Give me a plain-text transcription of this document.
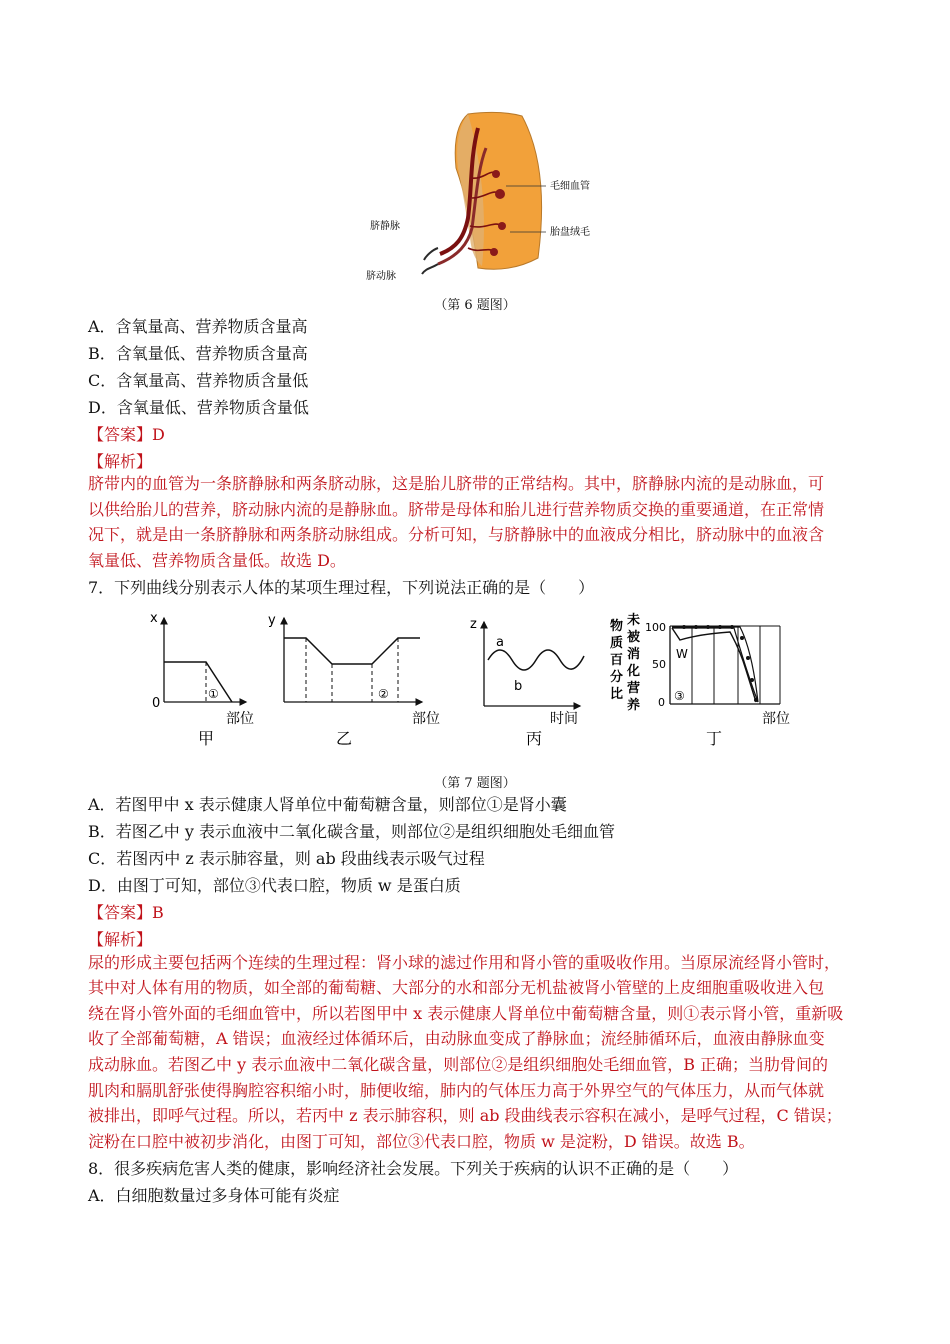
毛细血管
胎盘绒毛
脐静脉
脐动脉
（第 6 题图）
A．含氧量高、营养物质含量高
B．含氧量低、营养物质含量高
C．含氧量高、营养物质含量低
D．含氧量低、营养物质含量低
【答案】D
【解析】
脐带内的血管为一条脐静脉和两条脐动脉，这是胎儿脐带的正常结构。其中，脐静脉内流的是动脉血，可
以供给胎儿的营养，脐动脉内流的是静脉血。脐带是母体和胎儿进行营养物质交换的重要通道，在正常情
况下，就是由一条脐静脉和两条脐动脉组成。分析可知，与脐静脉中的血液成分相比，脐动脉中的血液含
氧量低、营养物质含量低。故选 D。
7．下列曲线分别表示人体的某项生理过程，下列说法正确的是（　　）
x
0
①
部位
甲
y
②
部位
乙
z
a
b
时间
丙
100
50
0
W
③
部位
丁
物
质
百
分
比
未
被
消
化
营
养
（第 7 题图）
A．若图甲中 x 表示健康人肾单位中葡萄糖含量，则部位①是肾小囊
B．若图乙中 y 表示血液中二氧化碳含量，则部位②是组织细胞处毛细血管
C．若图丙中 z 表示肺容量，则 ab 段曲线表示吸气过程
D．由图丁可知，部位③代表口腔，物质 w 是蛋白质
【答案】B
【解析】
尿的形成主要包括两个连续的生理过程：肾小球的滤过作用和肾小管的重吸收作用。当原尿流经肾小管时，
其中对人体有用的物质，如全部的葡萄糖、大部分的水和部分无机盐被肾小管壁的上皮细胞重吸收进入包
绕在肾小管外面的毛细血管中，所以若图甲中 x 表示健康人肾单位中葡萄糖含量，则①表示肾小管，重新吸
收了全部葡萄糖，A 错误；血液经过体循环后，由动脉血变成了静脉血；流经肺循环后，血液由静脉血变
成动脉血。若图乙中 y 表示血液中二氧化碳含量，则部位②是组织细胞处毛细血管，B 正确；当肋骨间的
肌肉和膈肌舒张使得胸腔容积缩小时，肺便收缩，肺内的气体压力高于外界空气的气体压力，从而气体就
被排出，即呼气过程。所以，若丙中 z 表示肺容积，则 ab 段曲线表示容积在减小，是呼气过程，C 错误；
淀粉在口腔中被初步消化，由图丁可知，部位③代表口腔，物质 w 是淀粉，D 错误。故选 B。
8．很多疾病危害人类的健康，影响经济社会发展。下列关于疾病的认识不正确的是（　　）
A．白细胞数量过多身体可能有炎症
